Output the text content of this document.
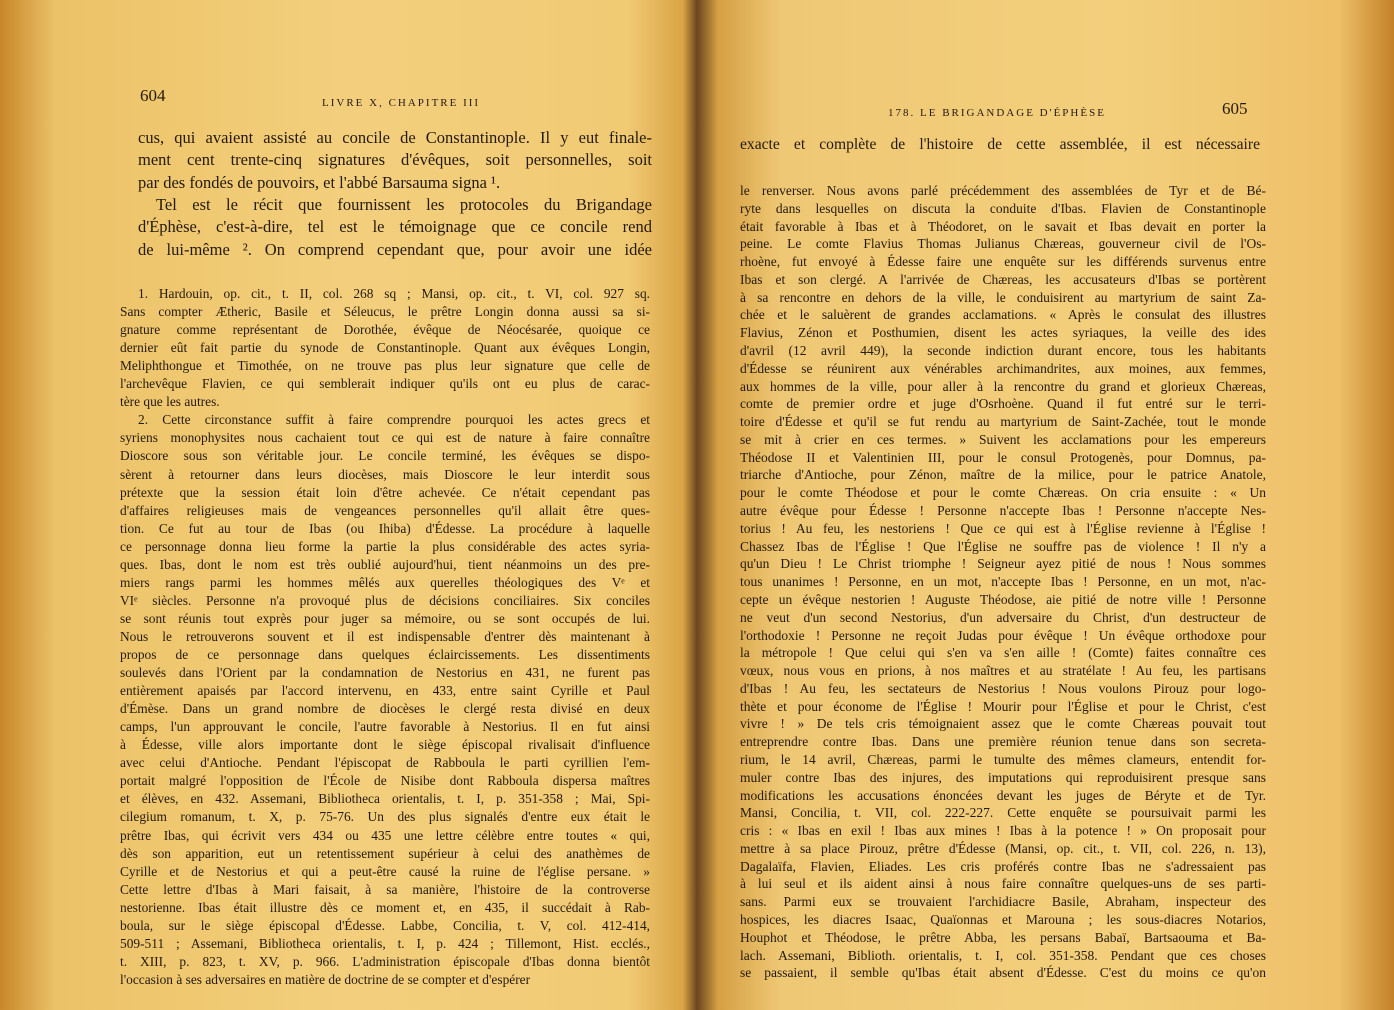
604	LIVRE X, CHAPITRE III
cus, qui avaient assisté au concile de Constantinople. Il y eut finale-
ment cent trente-cinq signatures d'évêques, soit personnelles, soit
par des fondés de pouvoirs, et l'abbé Barsauma signa ¹.
Tel est le récit que fournissent les protocoles du Brigandage
d'Éphèse, c'est-à-dire, tel est le témoignage que ce concile rend
de lui-même ². On comprend cependant que, pour avoir une idée
1. Hardouin, op. cit., t. II, col. 268 sq ; Mansi, op. cit., t. VI, col. 927 sq.
Sans compter Ætheric, Basile et Séleucus, le prêtre Longin donna aussi sa si-
gnature comme représentant de Dorothée, évêque de Néocésarée, quoique ce
dernier eût fait partie du synode de Constantinople. Quant aux évêques Longin,
Meliphthongue et Timothée, on ne trouve pas plus leur signature que celle de
l'archevêque Flavien, ce qui semblerait indiquer qu'ils ont eu plus de carac-
tère que les autres.
2. Cette circonstance suffit à faire comprendre pourquoi les actes grecs et
syriens monophysites nous cachaient tout ce qui est de nature à faire connaître
Dioscore sous son véritable jour. Le concile terminé, les évêques se dispo-
sèrent à retourner dans leurs diocèses, mais Dioscore le leur interdit sous
prétexte que la session était loin d'être achevée. Ce n'était cependant pas
d'affaires religieuses mais de vengeances personnelles qu'il allait être ques-
tion. Ce fut au tour de Ibas (ou Ihiba) d'Édesse. La procédure à laquelle
ce personnage donna lieu forme la partie la plus considérable des actes syria-
ques. Ibas, dont le nom est très oublié aujourd'hui, tient néanmoins un des pre-
miers rangs parmi les hommes mêlés aux querelles théologiques des Vᵉ et
VIᵉ siècles. Personne n'a provoqué plus de décisions conciliaires. Six conciles
se sont réunis tout exprès pour juger sa mémoire, ou se sont occupés de lui.
Nous le retrouverons souvent et il est indispensable d'entrer dès maintenant à
propos de ce personnage dans quelques éclaircissements. Les dissentiments
soulevés dans l'Orient par la condamnation de Nestorius en 431, ne furent pas
entièrement apaisés par l'accord intervenu, en 433, entre saint Cyrille et Paul
d'Émèse. Dans un grand nombre de diocèses le clergé resta divisé en deux
camps, l'un approuvant le concile, l'autre favorable à Nestorius. Il en fut ainsi
à Édesse, ville alors importante dont le siège épiscopal rivalisait d'influence
avec celui d'Antioche. Pendant l'épiscopat de Rabboula le parti cyrillien l'em-
portait malgré l'opposition de l'École de Nisibe dont Rabboula dispersa maîtres
et élèves, en 432. Assemani, Bibliotheca orientalis, t. I, p. 351-358 ; Mai, Spi-
cilegium romanum, t. X, p. 75-76. Un des plus signalés d'entre eux était le
prêtre Ibas, qui écrivit vers 434 ou 435 une lettre célèbre entre toutes « qui,
dès son apparition, eut un retentissement supérieur à celui des anathèmes de
Cyrille et de Nestorius et qui a peut-être causé la ruine de l'église persane. »
Cette lettre d'Ibas à Mari faisait, à sa manière, l'histoire de la controverse
nestorienne. Ibas était illustre dès ce moment et, en 435, il succédait à Rab-
boula, sur le siège épiscopal d'Édesse. Labbe, Concilia, t. V, col. 412-414,
509-511 ; Assemani, Bibliotheca orientalis, t. I, p. 424 ; Tillemont, Hist. ecclés.,
t. XIII, p. 823, t. XV, p. 966. L'administration épiscopale d'Ibas donna bientôt
l'occasion à ses adversaires en matière de doctrine de se compter et d'espérer
178. LE BRIGANDAGE D'ÉPHÈSE	605
exacte et complète de l'histoire de cette assemblée, il est nécessaire
le renverser. Nous avons parlé précédemment des assemblées de Tyr et de Bé-
ryte dans lesquelles on discuta la conduite d'Ibas. Flavien de Constantinople
était favorable à Ibas et à Théodoret, on le savait et Ibas devait en porter la
peine. Le comte Flavius Thomas Julianus Chæreas, gouverneur civil de l'Os-
rhoène, fut envoyé à Édesse faire une enquête sur les différends survenus entre
Ibas et son clergé. A l'arrivée de Chæreas, les accusateurs d'Ibas se portèrent
à sa rencontre en dehors de la ville, le conduisirent au martyrium de saint Za-
chée et le saluèrent de grandes acclamations. « Après le consulat des illustres
Flavius, Zénon et Posthumien, disent les actes syriaques, la veille des ides
d'avril (12 avril 449), la seconde indiction durant encore, tous les habitants
d'Édesse se réunirent aux vénérables archimandrites, aux moines, aux femmes,
aux hommes de la ville, pour aller à la rencontre du grand et glorieux Chæreas,
comte de premier ordre et juge d'Osrhoène. Quand il fut entré sur le terri-
toire d'Édesse et qu'il se fut rendu au martyrium de Saint-Zachée, tout le monde
se mit à crier en ces termes. » Suivent les acclamations pour les empereurs
Théodose II et Valentinien III, pour le consul Protogenès, pour Domnus, pa-
triarche d'Antioche, pour Zénon, maître de la milice, pour le patrice Anatole,
pour le comte Théodose et pour le comte Chæreas. On cria ensuite : « Un
autre évêque pour Édesse ! Personne n'accepte Ibas ! Personne n'accepte Nes-
torius ! Au feu, les nestoriens ! Que ce qui est à l'Église revienne à l'Église !
Chassez Ibas de l'Église ! Que l'Église ne souffre pas de violence ! Il n'y a
qu'un Dieu ! Le Christ triomphe ! Seigneur ayez pitié de nous ! Nous sommes
tous unanimes ! Personne, en un mot, n'accepte Ibas ! Personne, en un mot, n'ac-
cepte un évêque nestorien ! Auguste Théodose, aie pitié de notre ville ! Personne
ne veut d'un second Nestorius, d'un adversaire du Christ, d'un destructeur de
l'orthodoxie ! Personne ne reçoit Judas pour évêque ! Un évêque orthodoxe pour
la métropole ! Que celui qui s'en va s'en aille ! (Comte) faites connaître ces
vœux, nous vous en prions, à nos maîtres et au stratélate ! Au feu, les partisans
d'Ibas ! Au feu, les sectateurs de Nestorius ! Nous voulons Pirouz pour logo-
thète et pour économe de l'Église ! Mourir pour l'Église et pour le Christ, c'est
vivre ! » De tels cris témoignaient assez que le comte Chæreas pouvait tout
entreprendre contre Ibas. Dans une première réunion tenue dans son secreta-
rium, le 14 avril, Chæreas, parmi le tumulte des mêmes clameurs, entendit for-
muler contre Ibas des injures, des imputations qui reproduisirent presque sans
modifications les accusations énoncées devant les juges de Béryte et de Tyr.
Mansi, Concilia, t. VII, col. 222-227. Cette enquête se poursuivait parmi les
cris : « Ibas en exil ! Ibas aux mines ! Ibas à la potence ! » On proposait pour
mettre à sa place Pirouz, prêtre d'Édesse (Mansi, op. cit., t. VII, col. 226, n. 13),
Dagalaïfa, Flavien, Eliades. Les cris proférés contre Ibas ne s'adressaient pas
à lui seul et ils aident ainsi à nous faire connaître quelques-uns de ses parti-
sans. Parmi eux se trouvaient l'archidiacre Basile, Abraham, inspecteur des
hospices, les diacres Isaac, Quaïonnas et Marouna ; les sous-diacres Notarios,
Houphot et Théodose, le prêtre Abba, les persans Babaï, Bartsaouma et Ba-
lach. Assemani, Biblioth. orientalis, t. I, col. 351-358. Pendant que ces choses
se passaient, il semble qu'Ibas était absent d'Édesse. C'est du moins ce qu'on
